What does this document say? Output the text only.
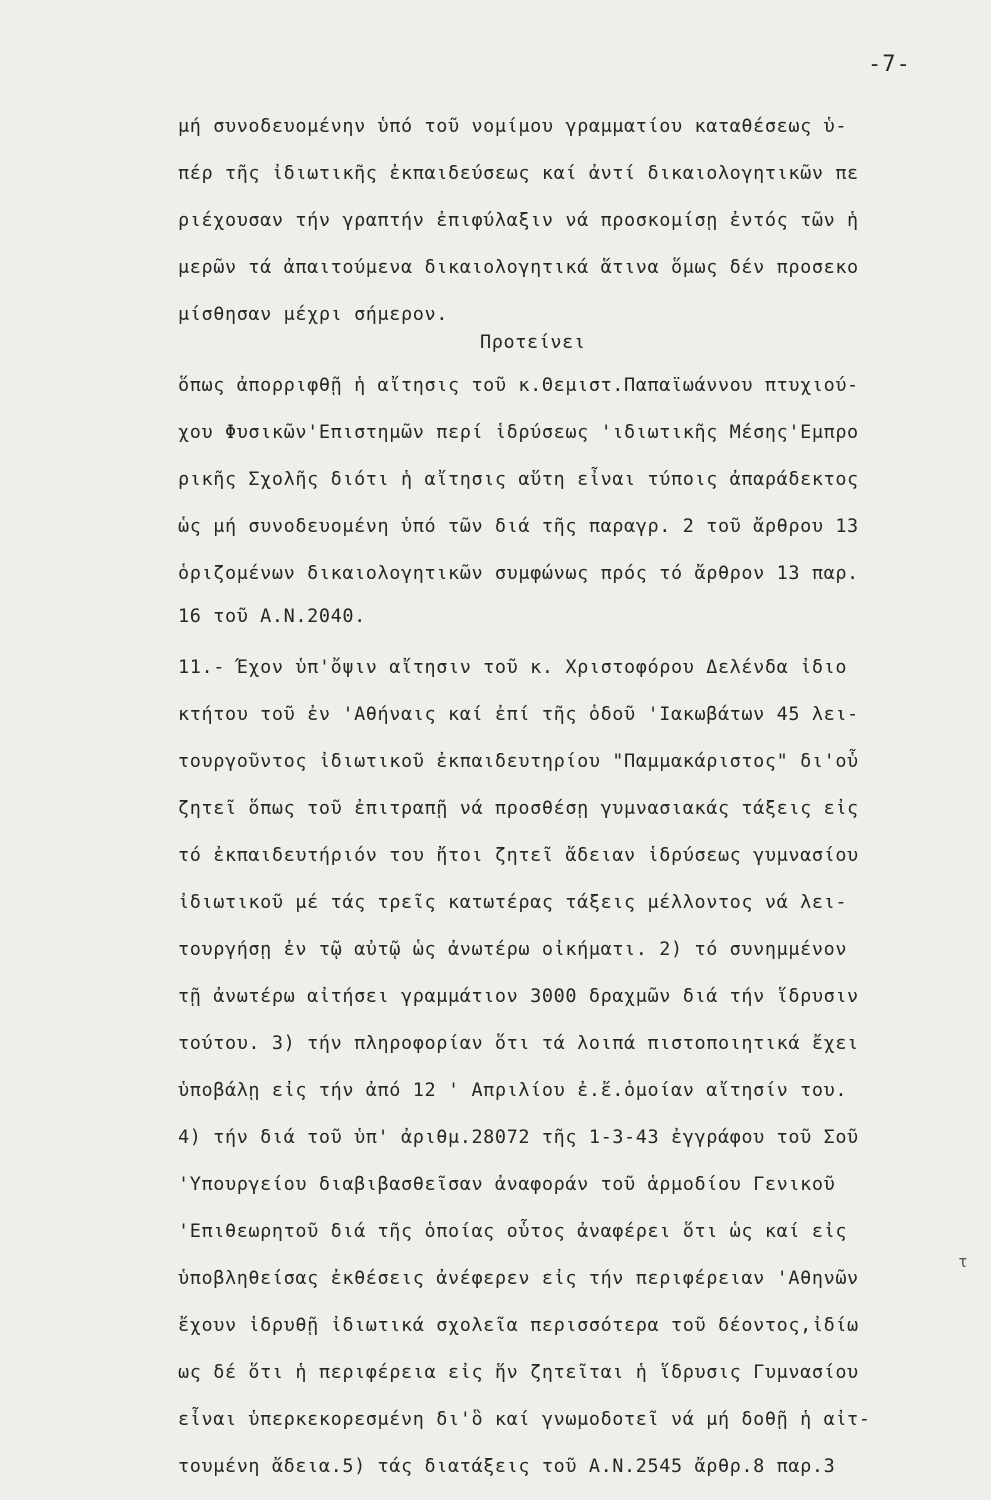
-7-
μή συνοδευομένην ὑπό τοῦ νομίμου γραμματίου καταθέσεως ὑ-
πέρ τῆς ἰδιωτικῆς ἐκπαιδεύσεως καί ἀντί δικαιολογητικῶν πε
ριέχουσαν τήν γραπτήν ἐπιφύλαξιν νά προσκομίσῃ ἐντός τῶν ἡ
μερῶν τά ἀπαιτούμενα δικαιολογητικά ἅτινα ὅμως δέν προσεκο
μίσθησαν μέχρι σήμερον.
Προτείνει
ὅπως ἀπορριφθῇ ἡ αἴτησις τοῦ κ.Θεμιστ.Παπαϊωάννου πτυχιού-
χου Φυσικῶν'Επιστημῶν περί ἱδρύσεως 'ιδιωτικῆς Μέσης'Εμπρο
ρικῆς Σχολῆς διότι ἡ αἴτησις αὕτη εἶναι τύποις ἀπαράδεκτος
ὡς μή συνοδευομένη ὑπό τῶν διά τῆς παραγρ. 2 τοῦ ἄρθρου 13
ὁριζομένων δικαιολογητικῶν συμφώνως πρός τό ἄρθρον 13 παρ.
16 τοῦ Α.Ν.2040.
11.- Έχον ὑπ'ὄψιν αἴτησιν τοῦ κ. Χριστοφόρου Δελένδα ἰδιο
κτήτου τοῦ ἐν 'Αθήναις καί ἐπί τῆς ὁδοῦ 'Ιακωβάτων 45 λει-
τουργοῦντος ἰδιωτικοῦ ἐκπαιδευτηρίου "Παμμακάριστος" δι'οὗ
ζητεῖ ὅπως τοῦ ἐπιτραπῇ νά προσθέσῃ γυμνασιακάς τάξεις εἰς
τό ἐκπαιδευτήριόν του ἤτοι ζητεῖ ἄδειαν ἱδρύσεως γυμνασίου
ἰδιωτικοῦ μέ τάς τρεῖς κατωτέρας τάξεις μέλλοντος νά λει-
τουργήσῃ ἐν τῷ αὐτῷ ὡς ἀνωτέρω οἰκήματι. 2) τό συνημμένον
τῇ ἀνωτέρω αἰτήσει γραμμάτιον 3000 δραχμῶν διά τήν ἵδρυσιν
τούτου. 3) τήν πληροφορίαν ὅτι τά λοιπά πιστοποιητικά ἔχει
ὑποβάλῃ εἰς τήν ἀπό 12 ' Απριλίου ἐ.ἔ.ὁμοίαν αἴτησίν του.
4) τήν διά τοῦ ὑπ' ἀριθμ.28072 τῆς 1-3-43 ἐγγράφου τοῦ Σοῦ
'Υπουργείου διαβιβασθεῖσαν ἀναφοράν τοῦ ἁρμοδίου Γενικοῦ
'Επιθεωρητοῦ διά τῆς ὁποίας οὗτος ἀναφέρει ὅτι ὡς καί εἰς
ὑποβληθείσας ἐκθέσεις ἀνέφερεν εἰς τήν περιφέρειαν 'Αθηνῶν
ἔχουν ἱδρυθῇ ἰδιωτικά σχολεῖα περισσότερα τοῦ δέοντος,ἰδίω
ως δέ ὅτι ἡ περιφέρεια εἰς ἥν ζητεῖται ἡ ἵδρυσις Γυμνασίου
εἶναι ὑπερκεκορεσμένη δι'ὃ καί γνωμοδοτεῖ νά μή δοθῇ ἡ αἰτ-
τουμένη ἄδεια.5) τάς διατάξεις τοῦ Α.Ν.2545 ἄρθρ.8 παρ.3
τ
